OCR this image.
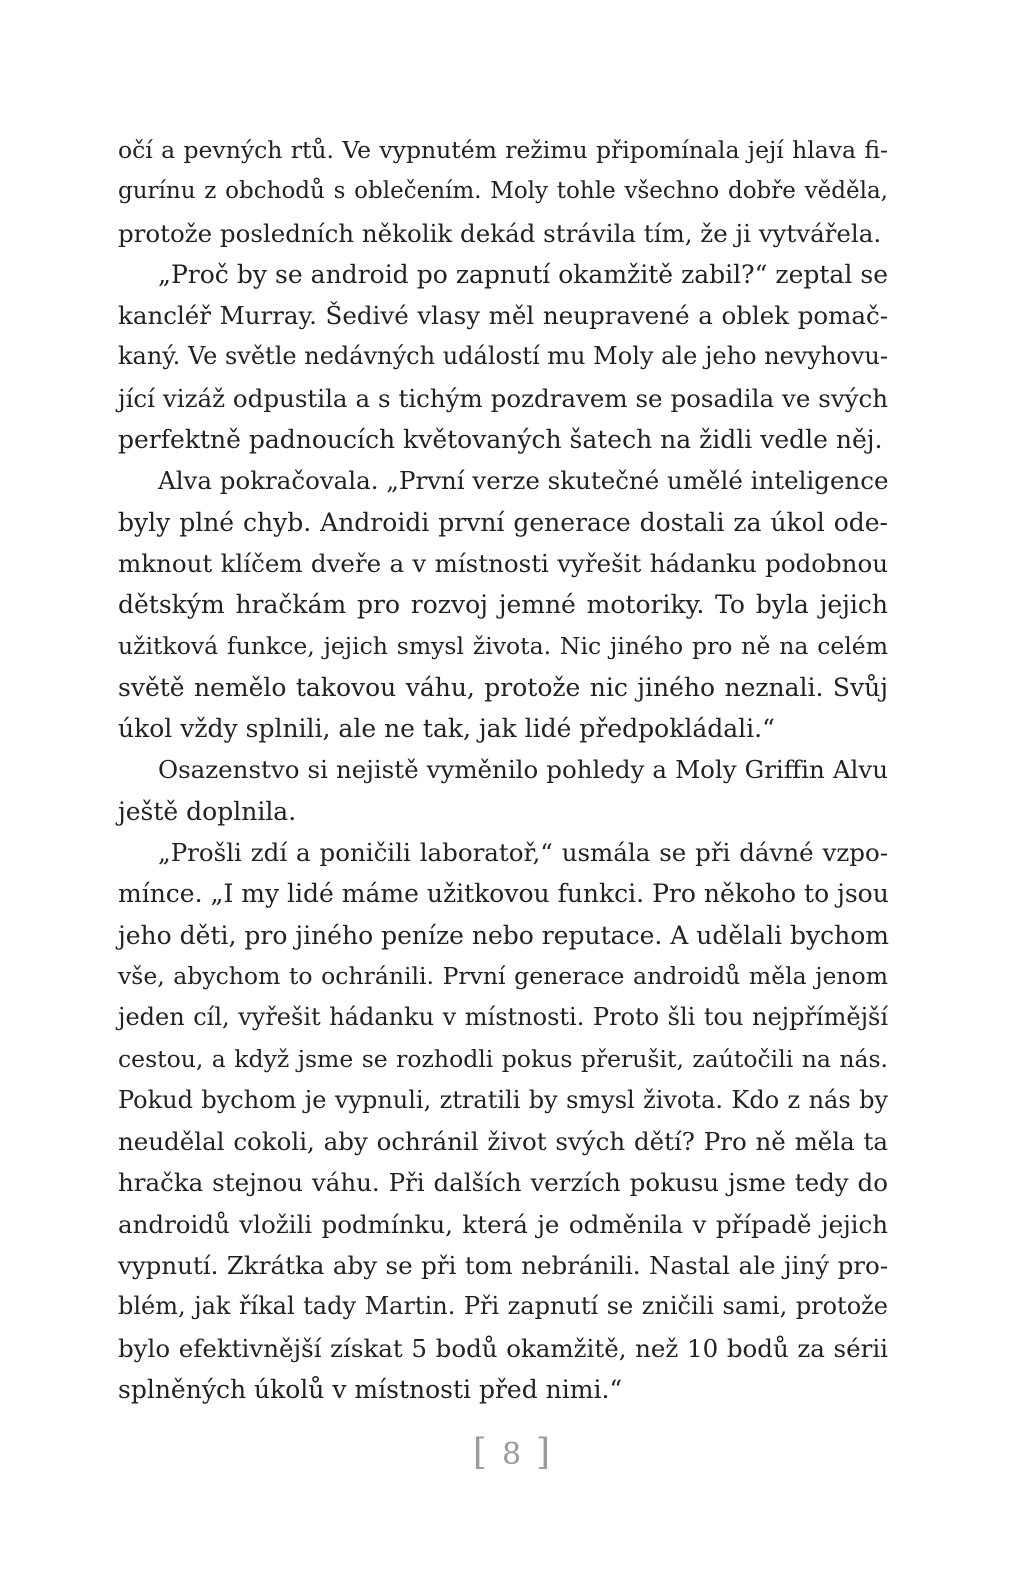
očí a pevných rtů. Ve vypnutém režimu připomínala její hlava fi-
gurínu z obchodů s oblečením. Moly tohle všechno dobře věděla,
protože posledních několik dekád strávila tím, že ji vytvářela.
„Proč by se android po zapnutí okamžitě zabil?“ zeptal se
kancléř Murray. Šedivé vlasy měl neupravené a oblek pomač-
kaný. Ve světle nedávných událostí mu Moly ale jeho nevyhovu-
jící vizáž odpustila a s tichým pozdravem se posadila ve svých
perfektně padnoucích květovaných šatech na židli vedle něj.
Alva pokračovala. „První verze skutečné umělé inteligence
byly plné chyb. Androidi první generace dostali za úkol ode-
mknout klíčem dveře a v místnosti vyřešit hádanku podobnou
dětským hračkám pro rozvoj jemné motoriky. To byla jejich
užitková funkce, jejich smysl života. Nic jiného pro ně na celém
světě nemělo takovou váhu, protože nic jiného neznali. Svůj
úkol vždy splnili, ale ne tak, jak lidé předpokládali.“
Osazenstvo si nejistě vyměnilo pohledy a Moly Griffin Alvu
ještě doplnila.
„Prošli zdí a poničili laboratoř,“ usmála se při dávné vzpo-
mínce. „I my lidé máme užitkovou funkci. Pro někoho to jsou
jeho děti, pro jiného peníze nebo reputace. A udělali bychom
vše, abychom to ochránili. První generace androidů měla jenom
jeden cíl, vyřešit hádanku v místnosti. Proto šli tou nejpřímější
cestou, a když jsme se rozhodli pokus přerušit, zaútočili na nás.
Pokud bychom je vypnuli, ztratili by smysl života. Kdo z nás by
neudělal cokoli, aby ochránil život svých dětí? Pro ně měla ta
hračka stejnou váhu. Při dalších verzích pokusu jsme tedy do
androidů vložili podmínku, která je odměnila v případě jejich
vypnutí. Zkrátka aby se při tom nebránili. Nastal ale jiný pro-
blém, jak říkal tady Martin. Při zapnutí se zničili sami, protože
bylo efektivnější získat 5 bodů okamžitě, než 10 bodů za sérii
splněných úkolů v místnosti před nimi.“
[ 8 ]
